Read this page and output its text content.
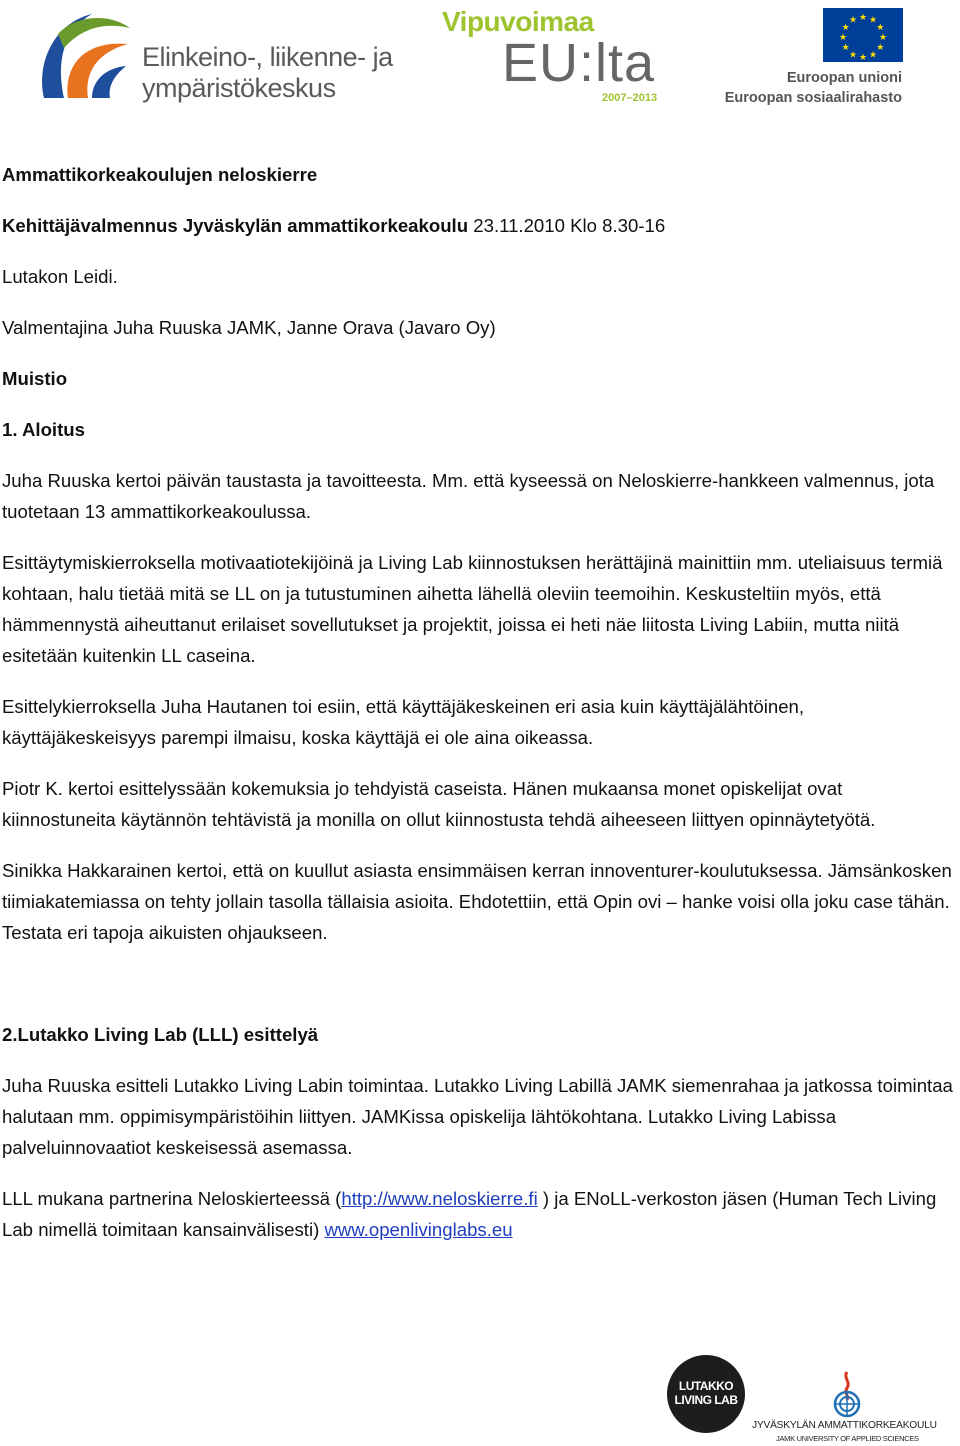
Elinkeino-, liikenne- ja
ympäristökeskus
Vipuvoimaa
EU:lta
2007–2013
★ ★
★
★
★
★
★
★
★
★
★
★
Euroopan unioni
Euroopan sosiaalirahasto

Ammattikorkeakoulujen neloskierre

Kehittäjävalmennus Jyväskylän ammattikorkeakoulu 23.11.2010 Klo 8.30-16

Lutakon Leidi.

Valmentajina Juha Ruuska JAMK, Janne Orava (Javaro Oy)

Muistio

1. Aloitus

Juha Ruuska kertoi päivän taustasta ja tavoitteesta. Mm. että kyseessä on Neloskierre-hankkeen valmennus, jota tuotetaan 13 ammattikorkeakoulussa.

Esittäytymiskierroksella motivaatiotekijöinä ja Living Lab kiinnostuksen herättäjinä mainittiin mm. uteliaisuus termiä kohtaan, halu tietää mitä se LL on ja tutustuminen aihetta lähellä oleviin teemoihin. Keskusteltiin myös, että hämmennystä aiheuttanut erilaiset sovellutukset ja projektit, joissa ei heti näe liitosta Living Labiin, mutta niitä esitetään kuitenkin LL caseina.

Esittelykierroksella Juha Hautanen toi esiin, että käyttäjäkeskeinen eri asia kuin käyttäjälähtöinen, käyttäjäkeskeisyys parempi ilmaisu, koska käyttäjä ei ole aina oikeassa.

Piotr K. kertoi esittelyssään kokemuksia jo tehdyistä caseista. Hänen mukaansa monet opiskelijat ovat kiinnostuneita käytännön tehtävistä ja monilla on ollut kiinnostusta tehdä aiheeseen liittyen opinnäytetyötä.

Sinikka Hakkarainen kertoi, että on kuullut asiasta ensimmäisen kerran innoventurer-koulutuksessa. Jämsänkosken tiimiakatemiassa on tehty jollain tasolla tällaisia asioita. Ehdotettiin, että Opin ovi – hanke voisi olla joku case tähän. Testata eri tapoja aikuisten ohjaukseen.

2.Lutakko Living Lab (LLL) esittelyä

Juha Ruuska esitteli Lutakko Living Labin toimintaa. Lutakko Living Labillä JAMK siemenrahaa ja jatkossa toimintaa halutaan mm. oppimisympäristöihin liittyen. JAMKissa opiskelija lähtökohtana. Lutakko Living Labissa palveluinnovaatiot keskeisessä asemassa.

LLL mukana partnerina Neloskierteessä (http://www.neloskierre.fi ) ja ENoLL-verkoston jäsen (Human Tech Living Lab nimellä toimitaan kansainvälisesti) www.openlivinglabs.eu

LUTAKKO
LIVING LAB
JYVÄSKYLÄN AMMATTIKORKEAKOULU
JAMK UNIVERSITY OF APPLIED SCIENCES
